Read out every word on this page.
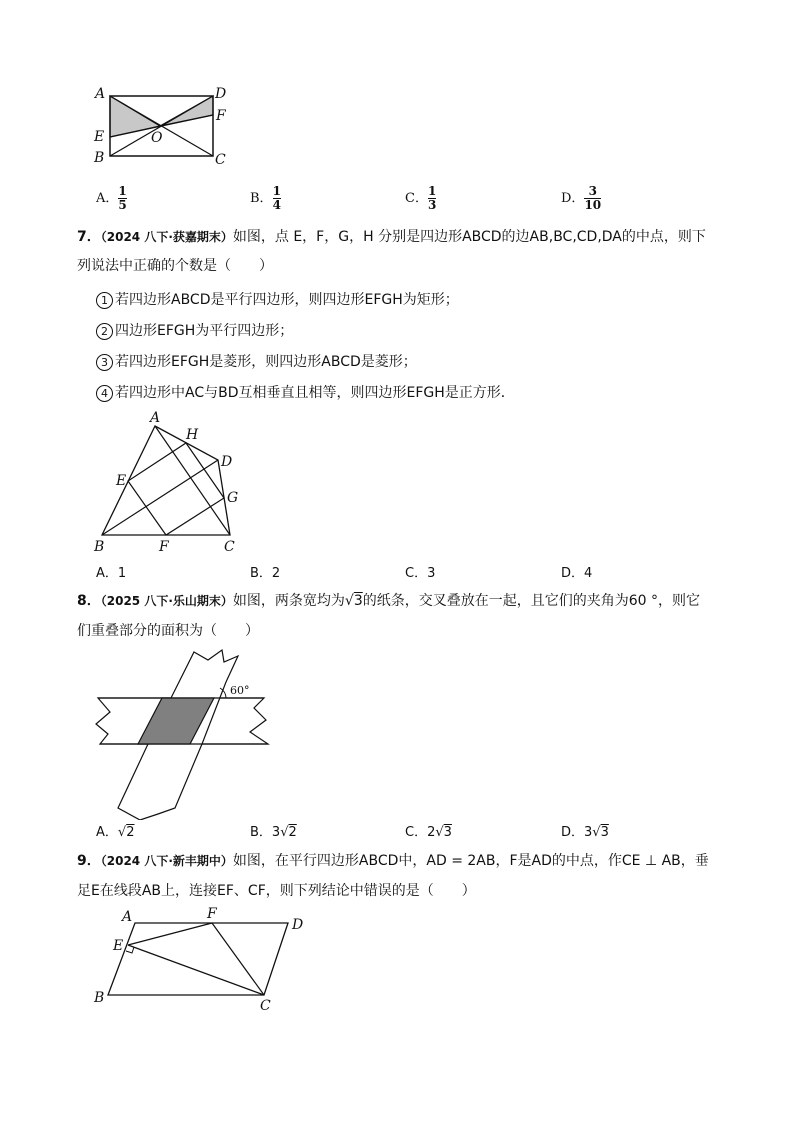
A	D
F
E	O
B	C
A． $\frac{1}{5}$	B． $\frac{1}{4}$	C． $\frac{1}{3}$	D． $\frac{3}{10}$
7．（2024 八下·获嘉期末）如图，点 E，F，G，H 分别是四边形ABCD的边AB,BC,CD,DA的中点，则下
列说法中正确的个数是（　　）
1 若四边形ABCD是平行四边形，则四边形EFGH为矩形；
2 四边形EFGH为平行四边形；
3 若四边形EFGH是菱形，则四边形ABCD是菱形；
4 若四边形中AC与BD互相垂直且相等，则四边形EFGH是正方形．
A
H
D
E
G
B	F	C
A．1	B．2	C．3	D．4
8．（2025 八下·乐山期末）如图，两条宽均为√3的纸条，交叉叠放在一起，且它们的夹角为60 °，则它
们重叠部分的面积为（　　）
60°
A．√2	B．3√2	C．2√3	D．3√3
9．（2024 八下·新丰期中）如图，在平行四边形ABCD中，AD = 2AB，F是AD的中点，作CE ⊥ AB，垂
足E在线段AB上，连接EF、CF，则下列结论中错误的是（　　）
A	F
D
E
B	C
